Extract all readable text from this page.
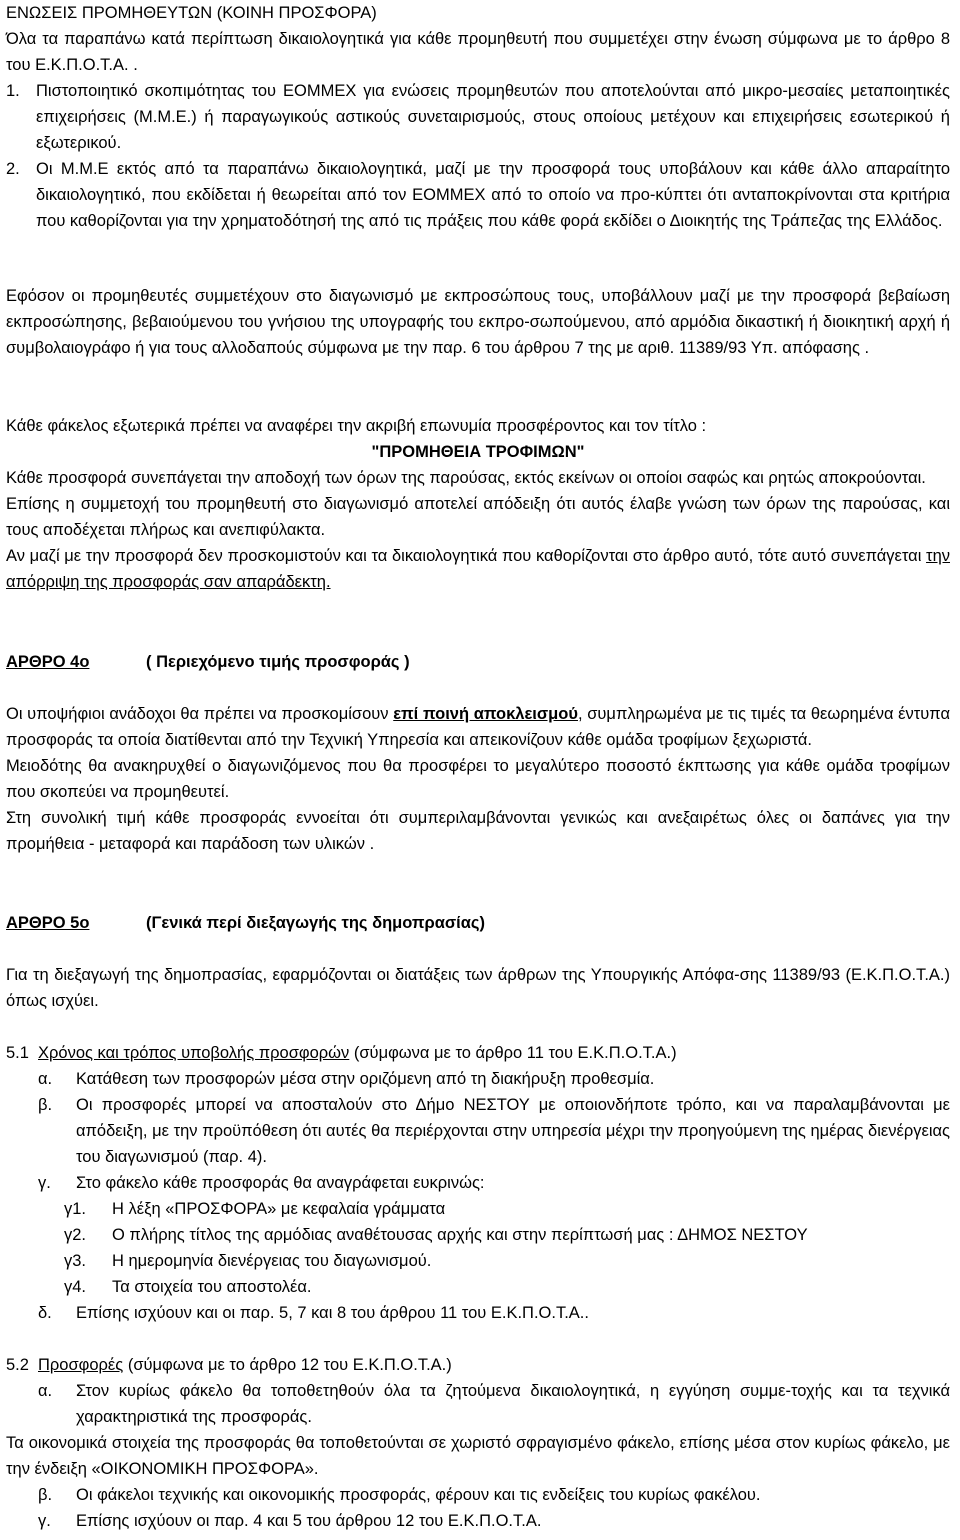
ΕΝΩΣΕΙΣ ΠΡΟΜΗΘΕΥΤΩΝ (ΚΟΙΝΗ ΠΡΟΣΦΟΡΑ)
Όλα τα παραπάνω κατά περίπτωση δικαιολογητικά για κάθε προμηθευτή που συμμετέχει στην ένωση σύμφωνα με το άρθρο 8 του Ε.Κ.Π.Ο.Τ.Α. .
1. Πιστοποιητικό σκοπιμότητας του ΕΟΜΜΕΧ για ενώσεις προμηθευτών που αποτελούνται από μικρο-μεσαίες μεταποιητικές επιχειρήσεις (Μ.Μ.Ε.) ή παραγωγικούς αστικούς συνεταιρισμούς, στους οποίους μετέχουν και επιχειρήσεις εσωτερικού ή εξωτερικού.
2. Οι Μ.Μ.Ε εκτός από τα παραπάνω δικαιολογητικά, μαζί με την προσφορά τους υποβάλουν και κάθε άλλο απαραίτητο δικαιολογητικό, που εκδίδεται ή θεωρείται από τον ΕΟΜΜΕΧ από το οποίο να προ-κύπτει ότι ανταποκρίνονται στα κριτήρια που καθορίζονται για την χρηματοδότησή της από τις πράξεις που κάθε φορά εκδίδει ο Διοικητής της Τράπεζας της Ελλάδος.
Εφόσον οι προμηθευτές συμμετέχουν στο διαγωνισμό με εκπροσώπους τους, υποβάλλουν μαζί με την προσφορά βεβαίωση εκπροσώπησης, βεβαιούμενου του γνήσιου της υπογραφής του εκπρο-σωπούμενου, από αρμόδια δικαστική ή διοικητική αρχή ή συμβολαιογράφο ή για τους αλλοδαπούς σύμφωνα με την παρ. 6 του άρθρου 7 της με αριθ. 11389/93 Υπ. απόφασης .
Κάθε φάκελος εξωτερικά πρέπει να αναφέρει την ακριβή επωνυμία προσφέροντος και τον τίτλο :
"ΠΡΟΜΗΘΕΙΑ ΤΡΟΦΙΜΩΝ"
Κάθε προσφορά συνεπάγεται την αποδοχή των όρων της παρούσας, εκτός εκείνων οι οποίοι σαφώς και ρητώς αποκρούονται.
Επίσης η συμμετοχή του προμηθευτή στο διαγωνισμό αποτελεί απόδειξη ότι αυτός έλαβε γνώση των όρων της παρούσας, και τους αποδέχεται πλήρως και ανεπιφύλακτα.
Αν μαζί με την προσφορά δεν προσκομιστούν και τα δικαιολογητικά που καθορίζονται στο άρθρο αυτό, τότε αυτό συνεπάγεται την απόρριψη της προσφοράς σαν απαράδεκτη.
ΑΡΘΡΟ 4ο	( Περιεχόμενο τιμής προσφοράς )
Οι υποψήφιοι ανάδοχοι θα πρέπει να προσκομίσουν επί ποινή αποκλεισμού, συμπληρωμένα με τις τιμές τα θεωρημένα έντυπα προσφοράς τα οποία διατίθενται από την Τεχνική Υπηρεσία και απεικονίζουν κάθε ομάδα τροφίμων ξεχωριστά.
Μειοδότης θα ανακηρυχθεί ο διαγωνιζόμενος που θα προσφέρει το μεγαλύτερο ποσοστό έκπτωσης για κάθε ομάδα τροφίμων που σκοπεύει να προμηθευτεί.
Στη συνολική τιμή κάθε προσφοράς εννοείται ότι συμπεριλαμβάνονται γενικώς και ανεξαιρέτως όλες οι δαπάνες για την προμήθεια - μεταφορά και παράδοση των υλικών .
ΑΡΘΡΟ 5ο	(Γενικά περί διεξαγωγής της δημοπρασίας)
Για τη διεξαγωγή της δημοπρασίας, εφαρμόζονται οι διατάξεις των άρθρων της Υπουργικής Απόφα-σης 11389/93 (Ε.Κ.Π.Ο.Τ.Α.) όπως ισχύει.
5.1 Χρόνος και τρόπος υποβολής προσφορών (σύμφωνα με το άρθρο 11 του Ε.Κ.Π.Ο.Τ.Α.)
α.	Κατάθεση των προσφορών μέσα στην οριζόμενη από τη διακήρυξη προθεσμία.
β.	Οι προσφορές μπορεί να αποσταλούν στο Δήμο ΝΕΣΤΟΥ με οποιονδήποτε τρόπο, και να παραλαμβάνονται με απόδειξη, με την προϋπόθεση ότι αυτές θα περιέρχονται στην υπηρεσία μέχρι την προηγούμενη της ημέρας διενέργειας του διαγωνισμού (παρ. 4).
γ.	Στο φάκελο κάθε προσφοράς θα αναγράφεται ευκρινώς:
γ1.	Η λέξη «ΠΡΟΣΦΟΡΑ» με κεφαλαία γράμματα
γ2.	Ο πλήρης τίτλος της αρμόδιας αναθέτουσας αρχής και στην περίπτωσή μας : ΔΗΜΟΣ ΝΕΣΤΟΥ
γ3.	Η ημερομηνία διενέργειας του διαγωνισμού.
γ4.	Τα στοιχεία του αποστολέα.
δ.	Επίσης ισχύουν και οι παρ. 5, 7 και 8 του άρθρου 11 του Ε.Κ.Π.Ο.Τ.Α..
5.2 Προσφορές (σύμφωνα με το άρθρο 12 του Ε.Κ.Π.Ο.Τ.Α.)
α.	Στον κυρίως φάκελο θα τοποθετηθούν όλα τα ζητούμενα δικαιολογητικά, η εγγύηση συμμε-τοχής και τα τεχνικά χαρακτηριστικά της προσφοράς.
Τα οικονομικά στοιχεία της προσφοράς θα τοποθετούνται σε χωριστό σφραγισμένο φάκελο, επίσης μέσα στον κυρίως φάκελο, με την ένδειξη «ΟΙΚΟΝΟΜΙΚΗ ΠΡΟΣΦΟΡΑ».
β.	Οι φάκελοι τεχνικής και οικονομικής προσφοράς, φέρουν και τις ενδείξεις του κυρίως φακέλου.
γ.	Επίσης ισχύουν οι παρ. 4 και 5 του άρθρου 12 του Ε.Κ.Π.Ο.Τ.Α.
